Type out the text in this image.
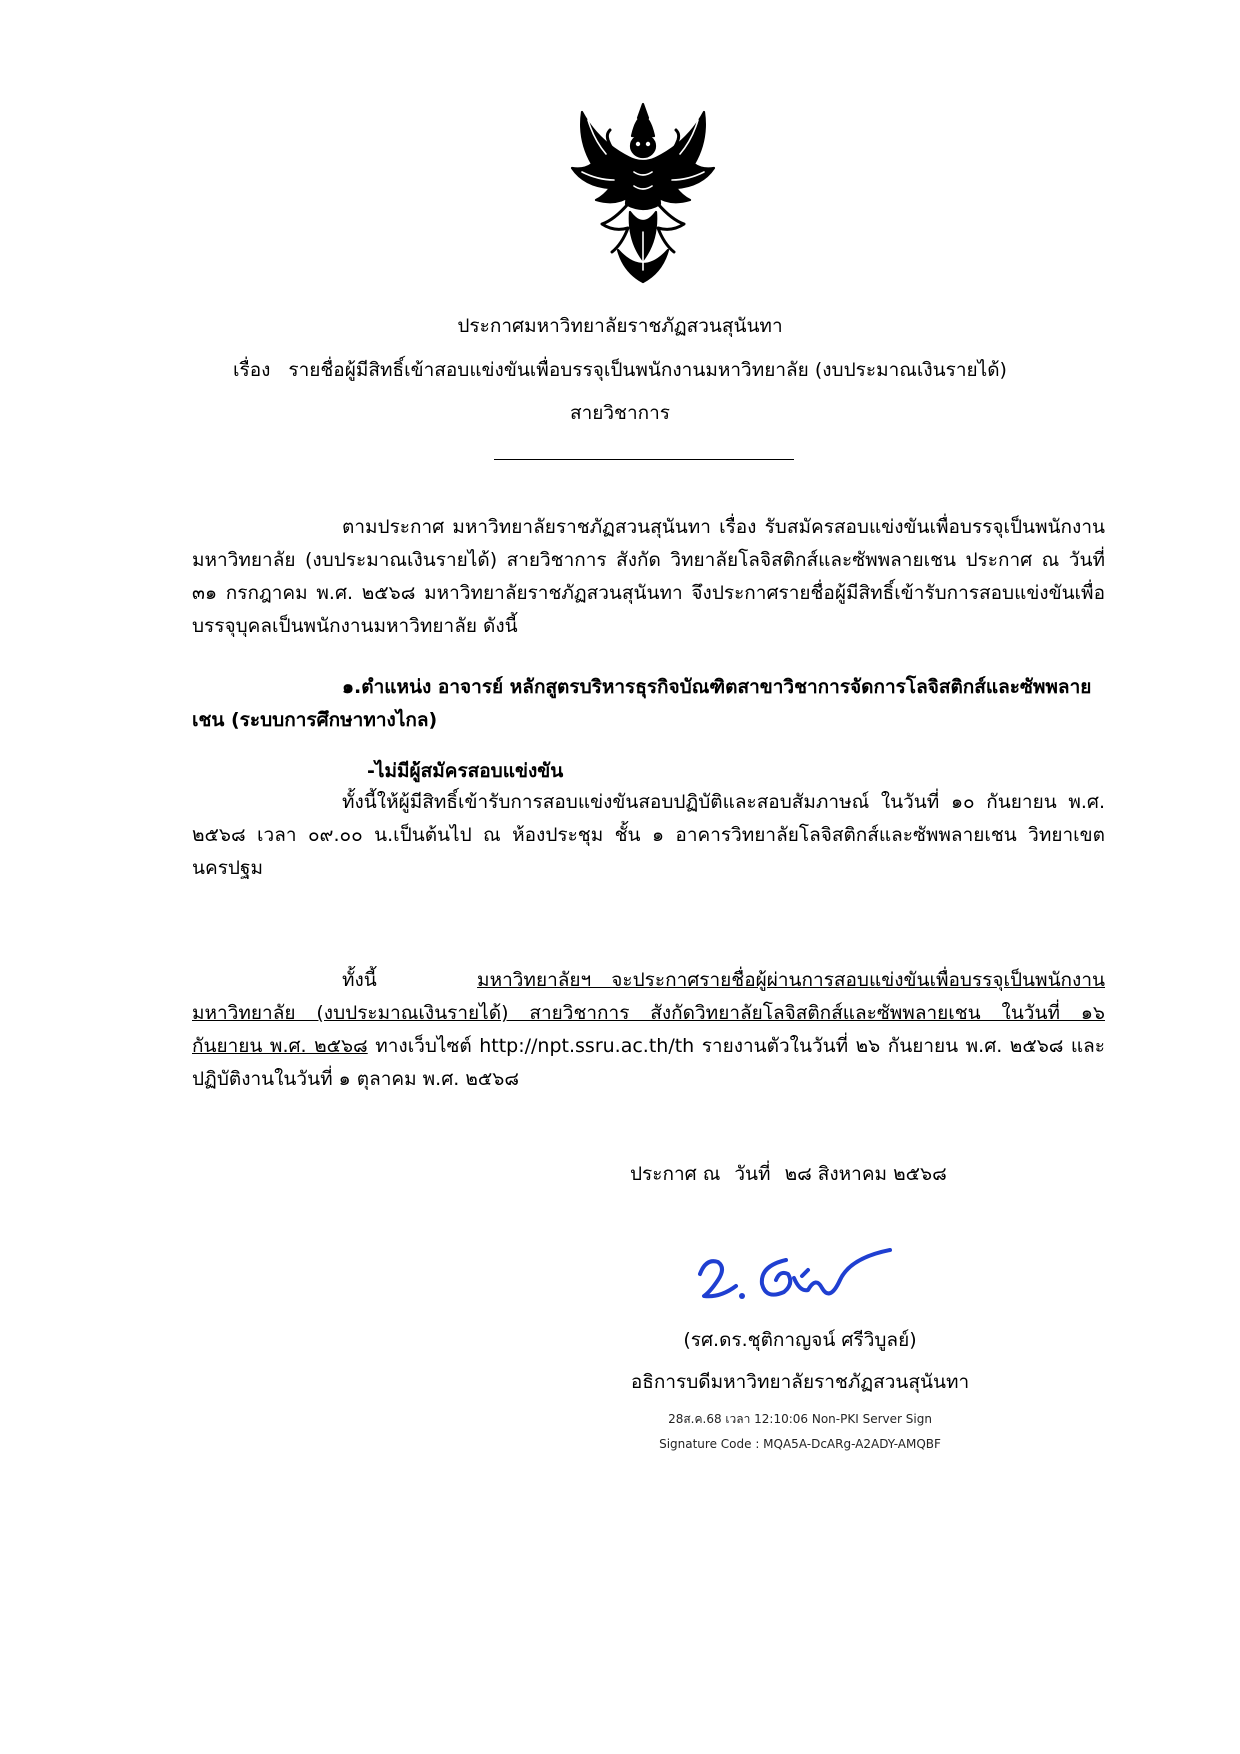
ประกาศมหาวิทยาลัยราชภัฏสวนสุนันทา
เรื่อง รายชื่อผู้มีสิทธิ์เข้าสอบแข่งขันเพื่อบรรจุเป็นพนักงานมหาวิทยาลัย (งบประมาณเงินรายได้)
สายวิชาการ
ตามประกาศ มหาวิทยาลัยราชภัฏสวนสุนันทา เรื่อง รับสมัครสอบแข่งขันเพื่อบรรจุเป็นพนักงานมหาวิทยาลัย (งบประมาณเงินรายได้) สายวิชาการ สังกัด วิทยาลัยโลจิสติกส์และซัพพลายเชน ประกาศ ณ วันที่ ๓๑ กรกฎาคม พ.ศ. ๒๕๖๘ มหาวิทยาลัยราชภัฏสวนสุนันทา จึงประกาศรายชื่อผู้มีสิทธิ์เข้ารับการสอบแข่งขันเพื่อบรรจุบุคลเป็นพนักงานมหาวิทยาลัย ดังนี้
๑.ตำแหน่ง อาจารย์ หลักสูตรบริหารธุรกิจบัณฑิตสาขาวิชาการจัดการโลจิสติกส์และซัพพลายเชน (ระบบการศึกษาทางไกล)
-ไม่มีผู้สมัครสอบแข่งขัน
ทั้งนี้ให้ผู้มีสิทธิ์เข้ารับการสอบแข่งขันสอบปฏิบัติและสอบสัมภาษณ์ ในวันที่ ๑๐ กันยายน พ.ศ. ๒๕๖๘ เวลา ๐๙.๐๐ น.เป็นต้นไป ณ ห้องประชุม ชั้น ๑ อาคารวิทยาลัยโลจิสติกส์และซัพพลายเชน วิทยาเขตนครปฐม
ทั้งนี้	มหาวิทยาลัยฯ จะประกาศรายชื่อผู้ผ่านการสอบแข่งขันเพื่อบรรจุเป็นพนักงานมหาวิทยาลัย (งบประมาณเงินรายได้) สายวิชาการ สังกัดวิทยาลัยโลจิสติกส์และซัพพลายเชน ในวันที่ ๑๖ กันยายน พ.ศ. ๒๕๖๘ ทางเว็บไซต์ http://npt.ssru.ac.th/th รายงานตัวในวันที่ ๒๖ กันยายน พ.ศ. ๒๕๖๘ และปฏิบัติงานในวันที่ ๑ ตุลาคม พ.ศ. ๒๕๖๘
ประกาศ ณ วันที่ ๒๘ สิงหาคม ๒๕๖๘
(รศ.ดร.ชุติกาญจน์ ศรีวิบูลย์)
อธิการบดีมหาวิทยาลัยราชภัฏสวนสุนันทา
28ส.ค.68 เวลา 12:10:06 Non-PKI Server Sign
Signature Code : MQA5A-DcARg-A2ADY-AMQBF
